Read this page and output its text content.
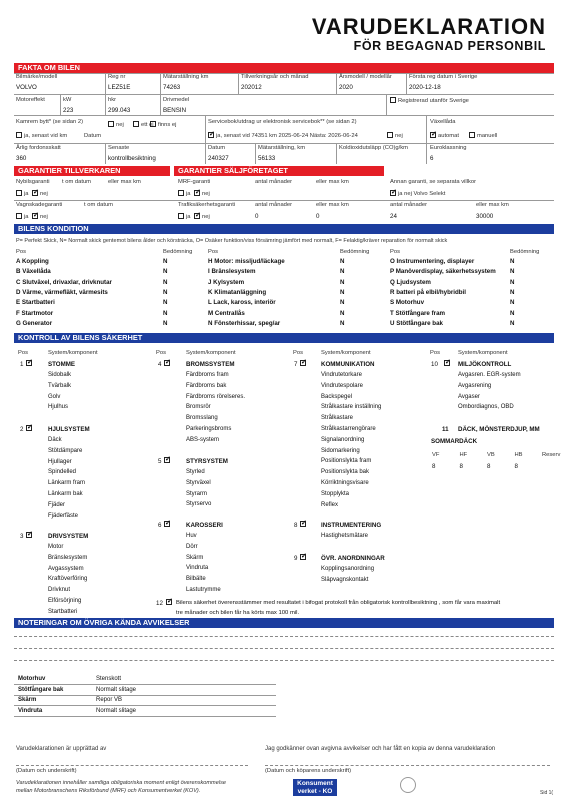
VARUDEKLARATION
FÖR BEGAGNAD PERSONBIL
FAKTA OM BILEN
Bilmärke/modell
VOLVO
Reg nr
LEZ51E
Mätarställning km
74263
Tillverkningsår och månad
202012
Årsmodell / modellår
2020
Första reg datum i Sverige
2020-12-18
Motoreffekt	kW
223
hkr
299.043
Drivmedel
BENSIN
Registrerad utanför Sverige
Kamrem bytt* (se sidan 2)	nej	ett ej finns ej
ja, senast vid km	Datum
Servicebok/utdrag ur elektronisk servicebok** (se sidan 2)
✓ja, senast vid 74351 km 2025-06-24 Nästa: 2026-06-24	nej
Växellåda
✓automat	manuell
Årlig fordonsskatt
360
Senaste
kontrollbesiktning
Datum
240327
Mätarställning, km
56133
Koldioxidutsläpp (CO)g/km	Euroklassning
6
GARANTIER TILLVERKAREN	GARANTIER SÄLJFÖRETAGET
Nybilsgaranti t om datum	eller max km
ja ✓	nej
MRF-garanti	antal månader	eller max km
ja ✓	nej
Annan garanti, se separata villkor
✓ja nej Volvo Selekt
Vagnskadegaranti	t om datum
ja ✓	nej
Trafiksäkerhetsgaranti	antal månader	eller max km
ja ✓	nej	0	0
antal månader	eller max km
24	30000
BILENS KONDITION
P= Perfekt Skick, N= Normalt skick gentemot bilens ålder och körsträcka, O= Osäker funktion/viss försämring jämfört med normalt, F= Felaktig/kräver reparation för normalt skick
Pos	Bedömning	Pos	Bedömning	Pos	Bedömning
A Koppling	N
B Växellåda	N
C Slutväxel, drivaxlar, drivknutar	N
D Värme, värmefläkt, värmesits	N
E Startbatteri	N
F Startmotor	N
G Generator	N
H Motor: missljud/läckage	N
I Bränslesystem	N
J Kylsystem	N
K Klimatanläggning	N
L Lack, kaross, interiör	N
M Centrallås	N
N Fönsterhissar, speg/ar	N
O Instrumentering, displayer	N
P Manöverdisplay, säkerhetssystem N
Q Ljudsystem	N
R batteri på elbil/hybridbil	N
S Motorhuv	N
T Stötfångare fram	N
U Stötfångare bak	N
KONTROLL AV BILENS SÄKERHET
Pos	System/komponent	Pos	System/komponent	Pos	System/komponent	Pos	System/komponent
1 ✓	STOMME
Sidobalk
Tvärbalk
Golv
Hjulhus
2 ✓	HJULSYSTEM
Däck
Stötdämpare
Hjullager
Spindelled
Länkarm fram
Länkarm bak
Fjäder
Fjäderfäste
3 ✓	DRIVSYSTEM
Motor
Bränslesystem
Avgassystem
Kraftöverföring
Drivknut
Elförsörjning
Startbatteri
4 ✓	BROMSSYSTEM
Färdbroms fram
Färdbroms bak
Färdbroms rörelseres.
Bromsrör
Bromsslang
Parkeringsbroms
ABS-system
5 ✓	STYRSYSTEM
Styrled
Styrväxel
Styrarm
Styrservo
6 ✓	KAROSSERI
Huv
Dörr
Skärm
Vindruta
Bilbälte
Lastutrymme
7 ✓	KOMMUNIKATION
Vindrutetorkare
Vindrutespolare
Backspegel
Strålkastare inställning
Strålkastare
Strålkastarrengörare
Signalanordning
Sidomarkering
Positionslykta fram
Positionslykta bak
Körriktningsvisare
Stopplykta
Reflex
8 ✓	INSTRUMENTERING
Hastighetsmätare
9 ✓	ÖVR. ANORDNINGAR
Kopplingsanordning
Släpvagnskontakt
10 ✓	MILJÖKONTROLL
Avgasren. EGR-system
Avgasrening
Avgaser
Ombordiagnos, OBD
11 DÄCK, MÖNSTERDJUP, MM
SOMMARDÄCK
VF
8
HF
8
VB
8
HB
8
Reserv
12 ✓ Bilens säkerhet överensstämmer med resultatet i bifogat protokoll från obligatorisk kontrollbesiktning , som får vara maximalt
tre månader och bilen får ha körts max 100 mil.
NOTERINGAR OM ÖVRIGA KÄNDA AVVIKELSER
Motorhuv	Stenskott
Stötfångare bak	Normalt slitage
Skärm	Repor VB
Vindruta	Normalt slitage
Varudeklarationen är upprättad av	Jag godkänner ovan avgivna avvikelser och har fått en kopia av denna varudeklaration
(Datum och underskrift)	(Datum och köparens underskrift)
Varudeklarationen innehåller samtliga obligatoriska moment enligt överenskommelse
mellan Motorbranschens Riksförbund (MRF) och Konsumentverket (KOV).
Konsument
verket - KO	Sid 1(
